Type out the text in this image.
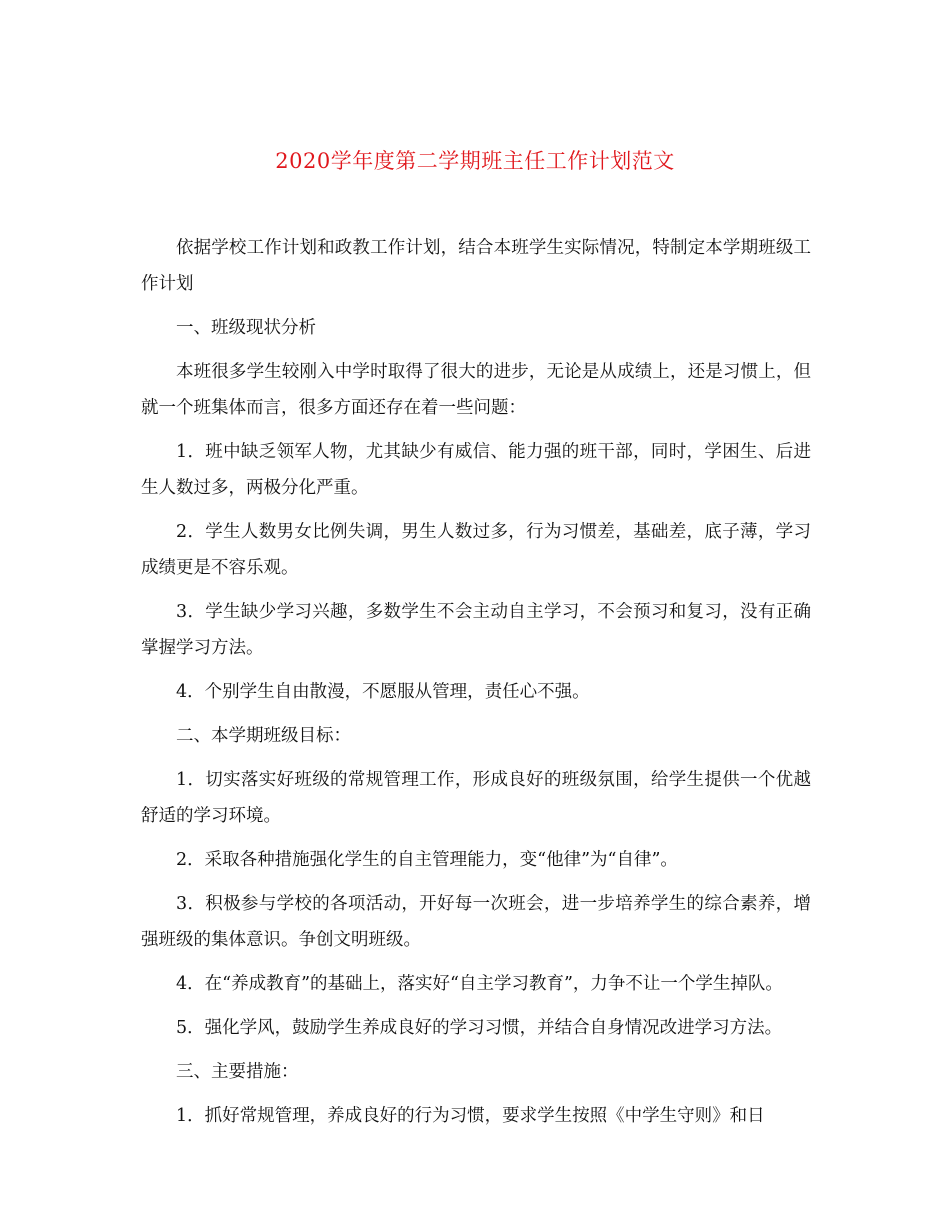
2020学年度第二学期班主任工作计划范文

依据学校工作计划和政教工作计划，结合本班学生实际情况，特制定本学期班级工作计划

一、班级现状分析

本班很多学生较刚入中学时取得了很大的进步，无论是从成绩上，还是习惯上，但就一个班集体而言，很多方面还存在着一些问题：

1．班中缺乏领军人物，尤其缺少有威信、能力强的班干部，同时，学困生、后进生人数过多，两极分化严重。

2．学生人数男女比例失调，男生人数过多，行为习惯差，基础差，底子薄，学习成绩更是不容乐观。

3．学生缺少学习兴趣，多数学生不会主动自主学习，不会预习和复习，没有正确掌握学习方法。

4．个别学生自由散漫，不愿服从管理，责任心不强。

二、本学期班级目标：

1．切实落实好班级的常规管理工作，形成良好的班级氛围，给学生提供一个优越舒适的学习环境。

2．采取各种措施强化学生的自主管理能力，变“他律”为“自律”。

3．积极参与学校的各项活动，开好每一次班会，进一步培养学生的综合素养，增强班级的集体意识。争创文明班级。

4．在“养成教育”的基础上，落实好“自主学习教育”，力争不让一个学生掉队。

5．强化学风，鼓励学生养成良好的学习习惯，并结合自身情况改进学习方法。

三、主要措施：

1．抓好常规管理，养成良好的行为习惯，要求学生按照《中学生守则》和日
